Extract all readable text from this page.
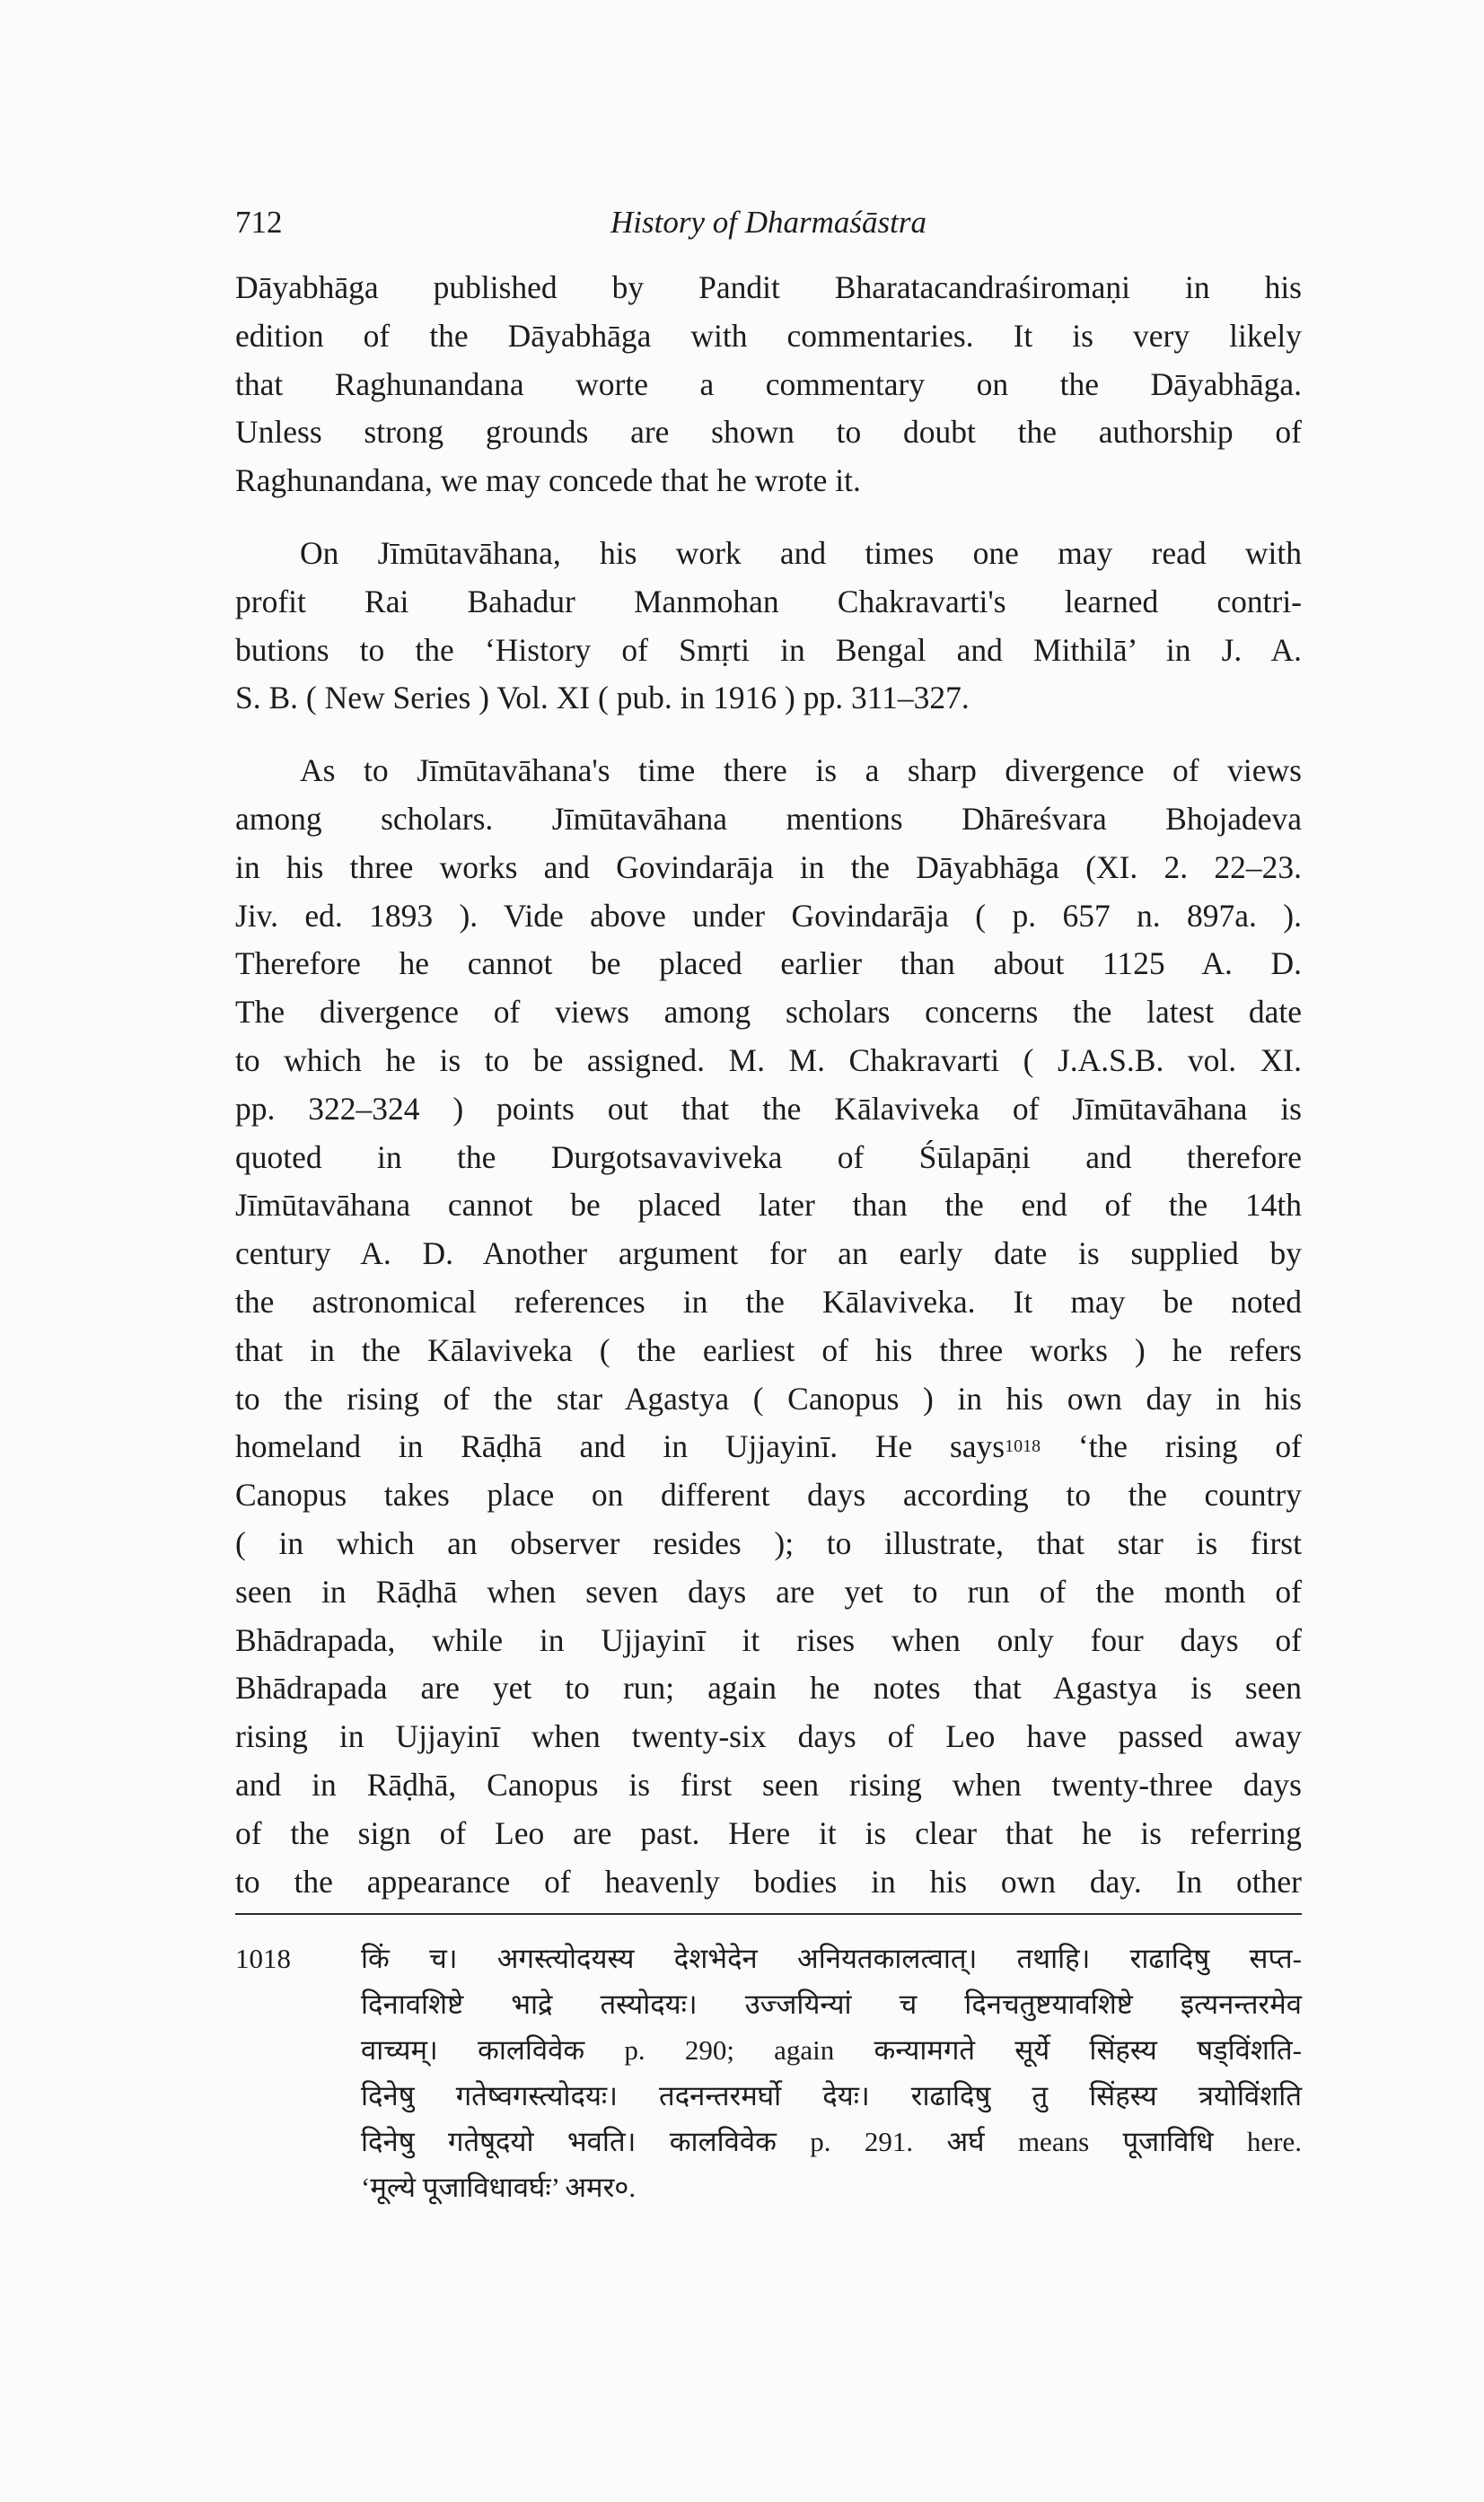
712	History of Dharmaśāstra

Dāyabhāga published by Pandit Bharatacandraśiromaṇi in his
edition of the Dāyabhāga with commentaries. It is very likely
that Raghunandana worte a commentary on the Dāyabhāga.
Unless strong grounds are shown to doubt the authorship of
Raghunandana, we may concede that he wrote it.

On Jīmūtavāhana, his work and times one may read with
profit Rai Bahadur Manmohan Chakravarti's learned contri-
butions to the ‘History of Smṛti in Bengal and Mithilā’ in J. A.
S. B. ( New Series ) Vol. XI ( pub. in 1916 ) pp. 311–327.

As to Jīmūtavāhana's time there is a sharp divergence of views
among scholars. Jīmūtavāhana mentions Dhāreśvara Bhojadeva
in his three works and Govindarāja in the Dāyabhāga (XI. 2. 22–23.
Jiv. ed. 1893 ). Vide above under Govindarāja ( p. 657 n. 897a. ).
Therefore he cannot be placed earlier than about 1125 A. D.
The divergence of views among scholars concerns the latest date
to which he is to be assigned. M. M. Chakravarti ( J.A.S.B. vol. XI.
pp. 322–324 ) points out that the Kālaviveka of Jīmūtavāhana is
quoted in the Durgotsavaviveka of Śūlapāṇi and therefore
Jīmūtavāhana cannot be placed later than the end of the 14th
century A. D. Another argument for an early date is supplied by
the astronomical references in the Kālaviveka. It may be noted
that in the Kālaviveka ( the earliest of his three works ) he refers
to the rising of the star Agastya ( Canopus ) in his own day in his
homeland in Rāḍhā and in Ujjayinī. He says$^{1018}$ ‘the rising of
Canopus takes place on different days according to the country
( in which an observer resides ); to illustrate, that star is first
seen in Rāḍhā when seven days are yet to run of the month of
Bhādrapada, while in Ujjayinī it rises when only four days of
Bhādrapada are yet to run; again he notes that Agastya is seen
rising in Ujjayinī when twenty-six days of Leo have passed away
and in Rāḍhā, Canopus is first seen rising when twenty-three days
of the sign of Leo are past. Here it is clear that he is referring
to the appearance of heavenly bodies in his own day. In other

1018	किं च। अगस्त्योदयस्य देशभेदेन अनियतकालत्वात्। तथाहि। राढादिषु सप्त-
दिनावशिष्टे भाद्रे तस्योदयः। उज्जयिन्यां च दिनचतुष्टयावशिष्टे इत्यनन्तरमेव
वाच्यम्। कालविवेक p. 290; again कन्यामगते सूर्ये सिंहस्य षड्विंशति-
दिनेषु गतेष्वगस्त्योदयः। तदनन्तरमर्घो देयः। राढादिषु तु सिंहस्य त्रयोविंशति
दिनेषु गतेषूदयो भवति। कालविवेक p. 291. अर्घ means पूजाविधि here.
‘मूल्ये पूजाविधावर्घः’ अमर०.
